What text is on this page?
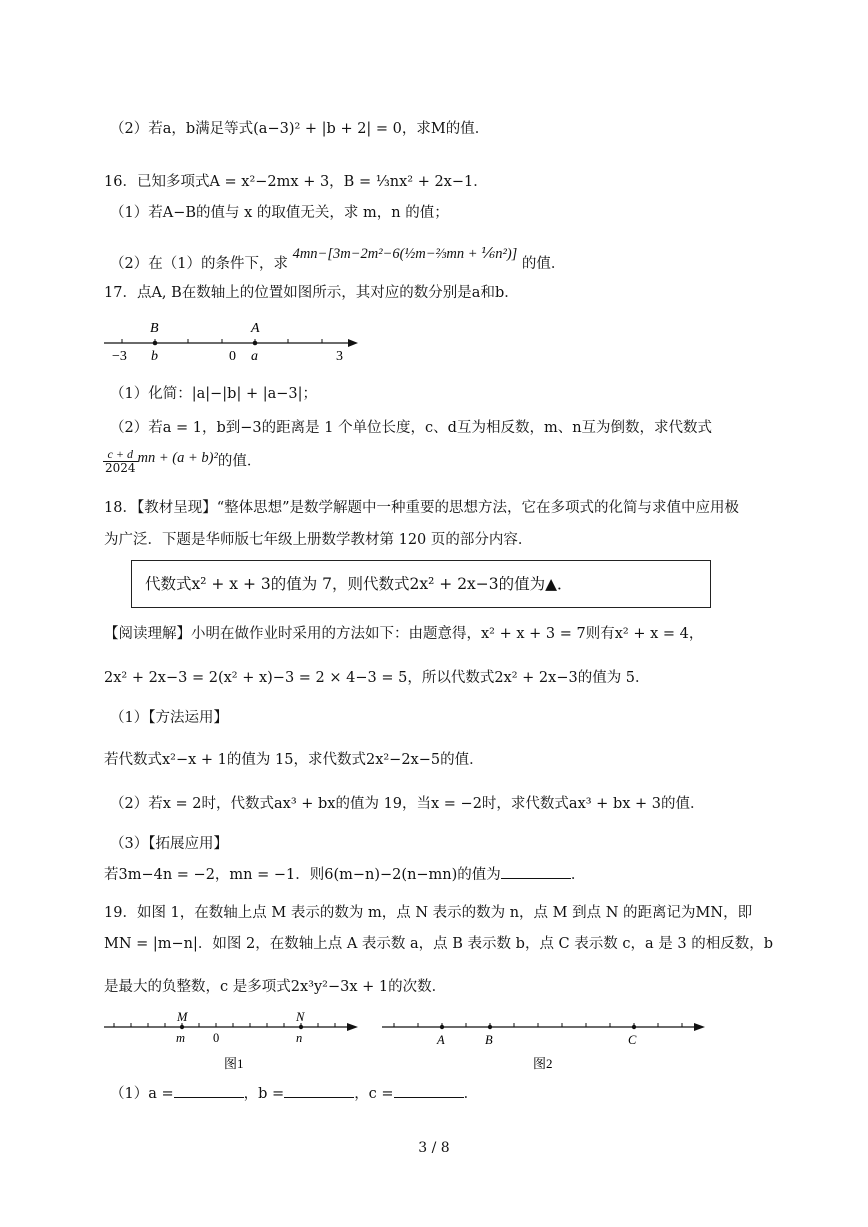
（2）若a，b满足等式(a−3)² + |b + 2| = 0，求M的值．
16．已知多项式A = x²−2mx + 3，B = ⅓nx² + 2x−1．
（1）若A−B的值与 x 的取值无关，求 m，n 的值；
（2）在（1）的条件下，求 4mn−[3m−2m²−6(½m−⅔mn + ⅙n²)] 的值．
17．点A, B在数轴上的位置如图所示，其对应的数分别是a和b．
B	A
−3 b	0 a	3
（1）化简：|a|−|b| + |a−3|；
（2）若a = 1，b到−3的距离是 1 个单位长度，c、d互为相反数，m、n互为倒数，求代数式
$\frac{c + d}{2024}$ mn + (a + b)²的值．
18．【教材呈现】“整体思想”是数学解题中一种重要的思想方法，它在多项式的化简与求值中应用极
为广泛．下题是华师版七年级上册数学教材第 120 页的部分内容．
代数式x² + x + 3的值为 7，则代数式2x² + 2x−3的值为▲．
【阅读理解】小明在做作业时采用的方法如下：由题意得，x² + x + 3 = 7则有x² + x = 4，
2x² + 2x−3 = 2(x² + x)−3 = 2 × 4−3 = 5，所以代数式2x² + 2x−3的值为 5．
（1）【方法运用】
若代数式x²−x + 1的值为 15，求代数式2x²−2x−5的值．
（2）若x = 2时，代数式ax³ + bx的值为 19，当x = −2时，求代数式ax³ + bx + 3的值．
（3）【拓展应用】
若3m−4n = −2，mn = −1．则6(m−n)−2(n−mn)的值为	．
19．如图 1，在数轴上点 M 表示的数为 m，点 N 表示的数为 n，点 M 到点 N 的距离记为MN，即
MN = |m−n|．如图 2，在数轴上点 A 表示数 a，点 B 表示数 b，点 C 表示数 c，a 是 3 的相反数，b
是最大的负整数，c 是多项式2x³y²−3x + 1的次数．
M	N
m 0	n
图1
A	B	C
图2
（1）a =	，b =	，c =	．
3 / 8
